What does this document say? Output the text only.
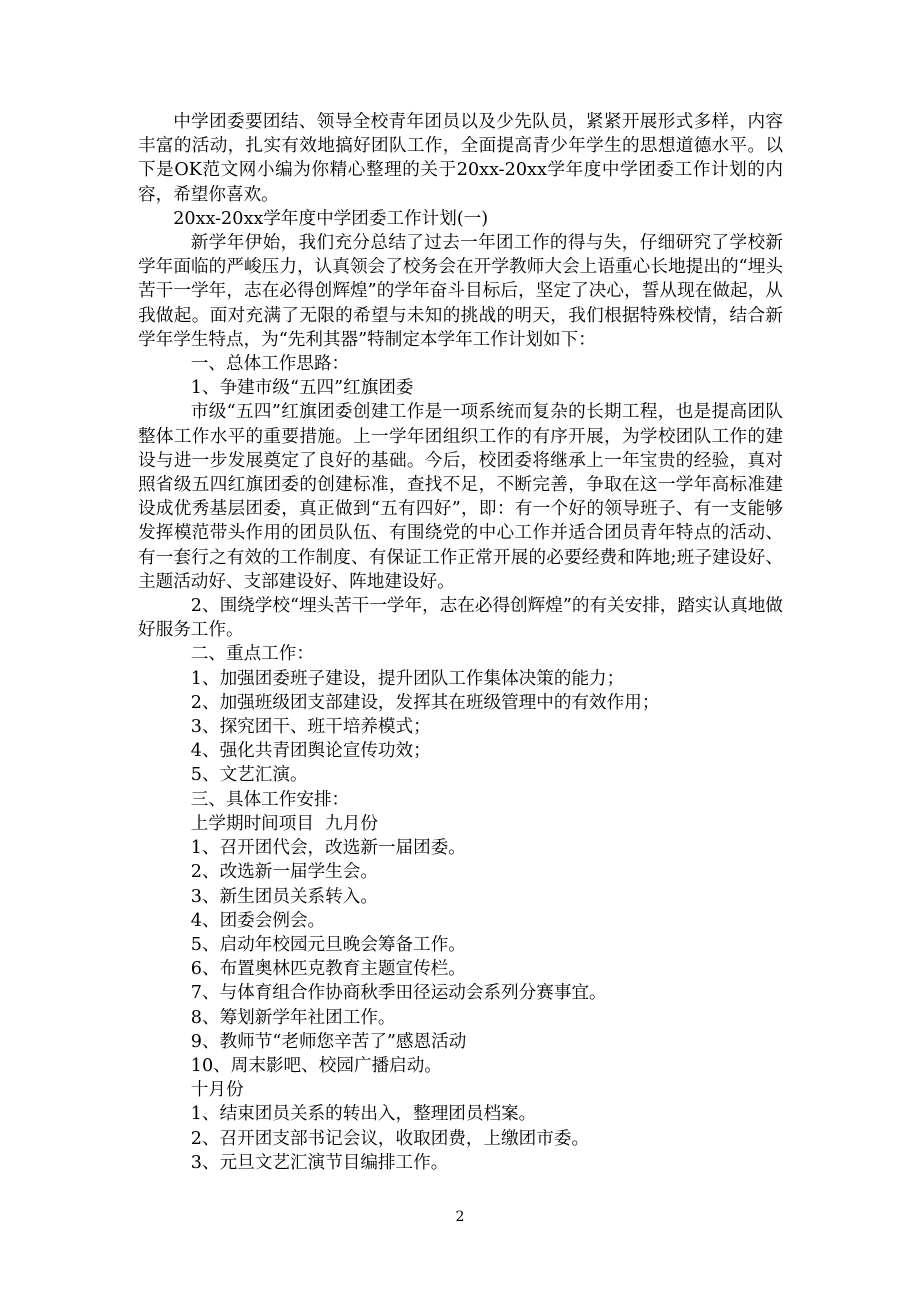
中学团委要团结、领导全校青年团员以及少先队员，紧紧开展形式多样，内容丰富的活动，扎实有效地搞好团队工作，全面提高青少年学生的思想道德水平。以下是OK范文网小编为你精心整理的关于20xx-20xx学年度中学团委工作计划的内容，希望你喜欢。

20xx-20xx学年度中学团委工作计划(一)

新学年伊始，我们充分总结了过去一年团工作的得与失，仔细研究了学校新学年面临的严峻压力，认真领会了校务会在开学教师大会上语重心长地提出的“埋头苦干一学年，志在必得创辉煌”的学年奋斗目标后，坚定了决心，誓从现在做起，从我做起。面对充满了无限的希望与未知的挑战的明天，我们根据特殊校情，结合新学年学生特点，为“先利其器”特制定本学年工作计划如下：

一、总体工作思路：

1、争建市级“五四”红旗团委

市级“五四”红旗团委创建工作是一项系统而复杂的长期工程，也是提高团队整体工作水平的重要措施。上一学年团组织工作的有序开展，为学校团队工作的建设与进一步发展奠定了良好的基础。今后，校团委将继承上一年宝贵的经验，真对照省级五四红旗团委的创建标准，查找不足，不断完善，争取在这一学年高标准建设成优秀基层团委，真正做到“五有四好”，即：有一个好的领导班子、有一支能够发挥模范带头作用的团员队伍、有围绕党的中心工作并适合团员青年特点的活动、有一套行之有效的工作制度、有保证工作正常开展的必要经费和阵地;班子建设好、主题活动好、支部建设好、阵地建设好。

2、围绕学校“埋头苦干一学年，志在必得创辉煌”的有关安排，踏实认真地做好服务工作。

二、重点工作：

1、加强团委班子建设，提升团队工作集体决策的能力；

2、加强班级团支部建设，发挥其在班级管理中的有效作用；

3、探究团干、班干培养模式；

4、强化共青团舆论宣传功效；

5、文艺汇演。

三、具体工作安排：

上学期时间项目  九月份

1、召开团代会，改选新一届团委。

2、改选新一届学生会。

3、新生团员关系转入。

4、团委会例会。

5、启动年校园元旦晚会筹备工作。

6、布置奥林匹克教育主题宣传栏。

7、与体育组合作协商秋季田径运动会系列分赛事宜。

8、筹划新学年社团工作。

9、教师节“老师您辛苦了”感恩活动

10、周末影吧、校园广播启动。

十月份

1、结束团员关系的转出入，整理团员档案。

2、召开团支部书记会议，收取团费，上缴团市委。

3、元旦文艺汇演节目编排工作。

2
